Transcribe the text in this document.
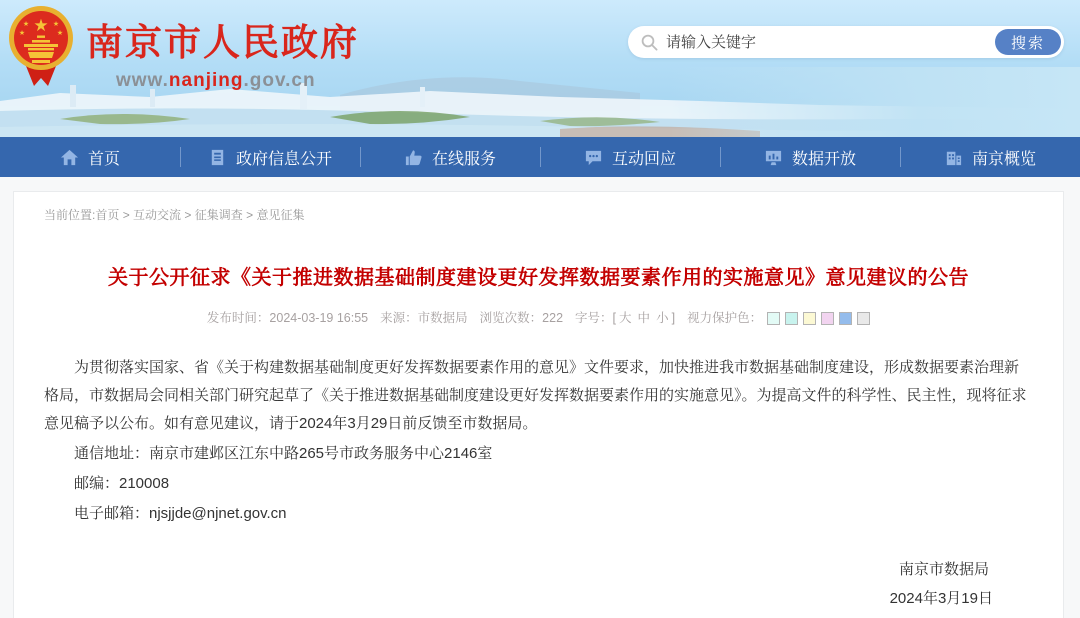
★
★	★
★	★ 南京市人民政府
www.nanjing.gov.cn
请输入关键字
搜索
首页	政府信息公开	在线服务	互动回应	数据开放	南京概览
当前位置:首页 > 互动交流 > 征集调查 > 意见征集
关于公开征求《关于推进数据基础制度建设更好发挥数据要素作用的实施意见》意见建议的公告
发布时间：2024-03-19 16:55 来源：市数据局 浏览次数：222 字号：[ 大 中 小 ] 视力保护色：

为贯彻落实国家、省《关于构建数据基础制度更好发挥数据要素作用的意见》文件要求，加快推进我市数据基础制度建设，形成数据要素治理新格局，市数据局会同相关部门研究起草了《关于推进数据基础制度建设更好发挥数据要素作用的实施意见》。为提高文件的科学性、民主性，现将征求意见稿予以公布。如有意见建议，请于2024年3月29日前反馈至市数据局。

通信地址：南京市建邺区江东中路265号市政务服务中心2146室

邮编：210008

电子邮箱：njsjjde@njnet.gov.cn

南京市数据局
2024年3月19日
